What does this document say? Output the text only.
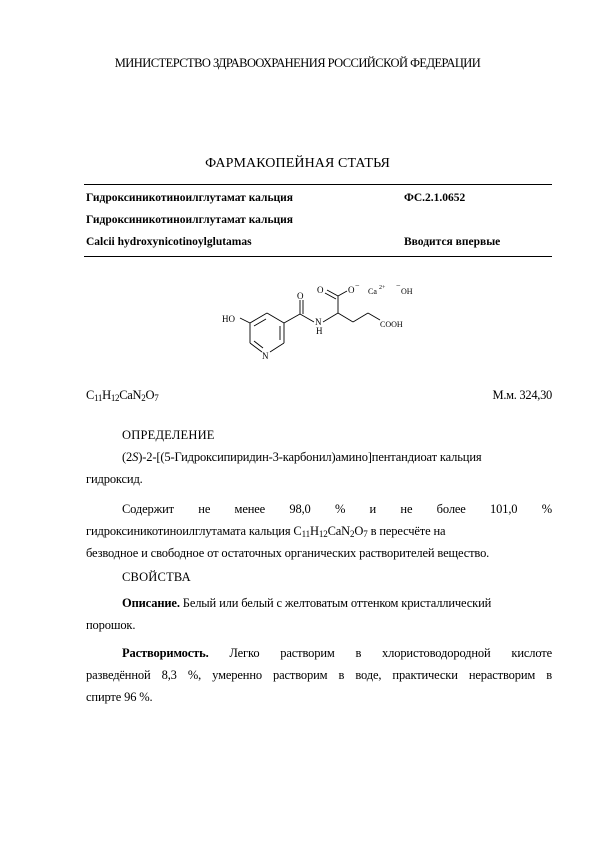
МИНИСТЕРСТВО ЗДРАВООХРАНЕНИЯ РОССИЙСКОЙ ФЕДЕРАЦИИ
ФАРМАКОПЕЙНАЯ СТАТЬЯ
Гидроксиникотиноилглутамат кальция	ФС.2.1.0652
Гидроксиникотиноилглутамат кальция
Calcii hydroxynicotinoylglutamas	Вводится впервые
HO
O
N
H
O	O −
Ca 2+ −
OH
COOH
N
$C_{11}H_{12}CaN_2O_7$	М.м. 324,30
ОПРЕДЕЛЕНИЕ
(2S)-2-[(5-Гидроксипиридин-3-карбонил)амино]пентандиоат кальция
гидроксид.
Содержит не менее 98,0 % и не более 101,0 %
гидроксиникотиноилглутамата кальция $C_{11}H_{12}CaN_2O_7$ в пересчёте на
безводное и свободное от остаточных органических растворителей вещество.
СВОЙСТВА
Описание. Белый или белый с желтоватым оттенком кристаллический
порошок.
Растворимость. Легко растворим в хлористоводородной кислоте
разведённой 8,3 %, умеренно растворим в воде, практически нерастворим в
спирте 96 %.
